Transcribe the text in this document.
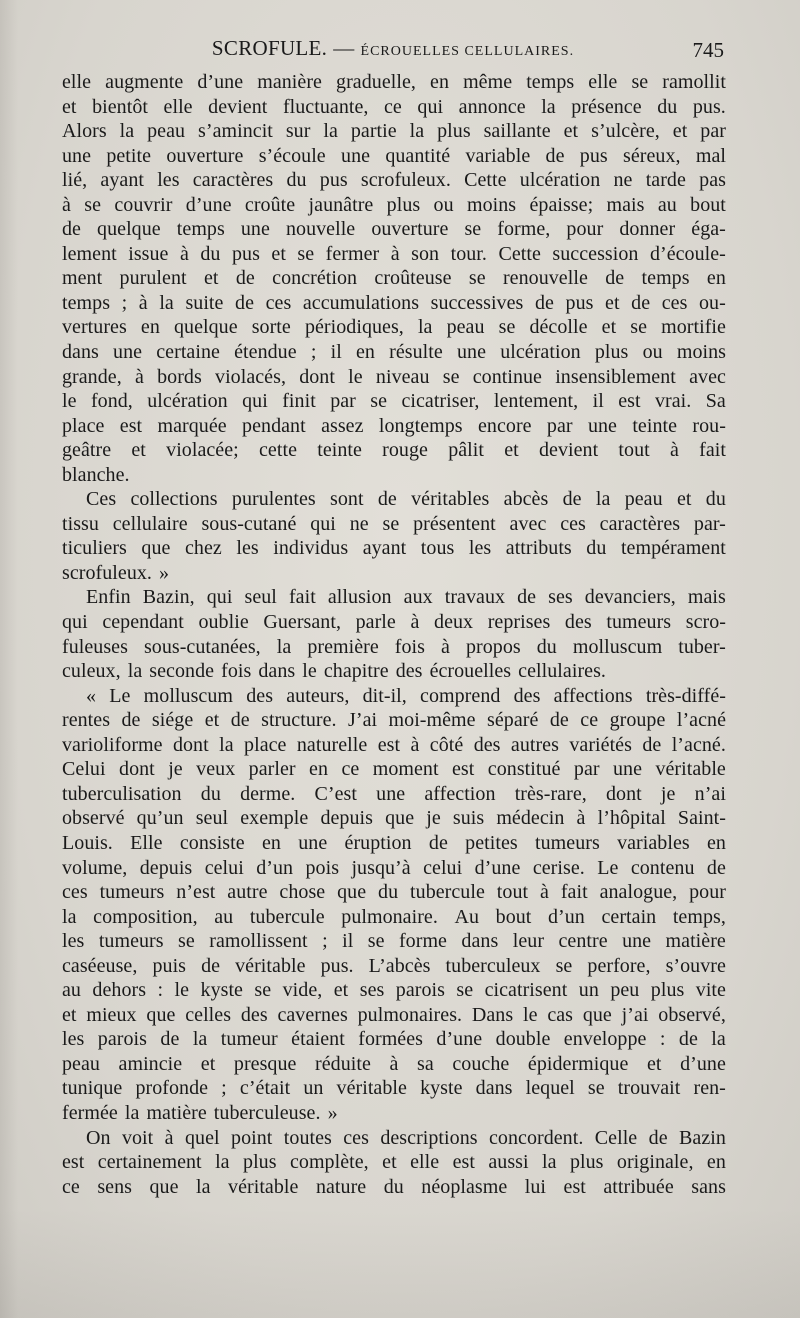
SCROFULE. — ÉCROUELLES CELLULAIRES.	745
elle augmente d’une manière graduelle, en même temps elle se ramollit
et bientôt elle devient fluctuante, ce qui annonce la présence du pus.
Alors la peau s’amincit sur la partie la plus saillante et s’ulcère, et par
une petite ouverture s’écoule une quantité variable de pus séreux, mal
lié, ayant les caractères du pus scrofuleux. Cette ulcération ne tarde pas
à se couvrir d’une croûte jaunâtre plus ou moins épaisse; mais au bout
de quelque temps une nouvelle ouverture se forme, pour donner éga-
lement issue à du pus et se fermer à son tour. Cette succession d’écoule-
ment purulent et de concrétion croûteuse se renouvelle de temps en
temps ; à la suite de ces accumulations successives de pus et de ces ou-
vertures en quelque sorte périodiques, la peau se décolle et se mortifie
dans une certaine étendue ; il en résulte une ulcération plus ou moins
grande, à bords violacés, dont le niveau se continue insensiblement avec
le fond, ulcération qui finit par se cicatriser, lentement, il est vrai. Sa
place est marquée pendant assez longtemps encore par une teinte rou-
geâtre et violacée; cette teinte rouge pâlit et devient tout à fait
blanche.
Ces collections purulentes sont de véritables abcès de la peau et du
tissu cellulaire sous-cutané qui ne se présentent avec ces caractères par-
ticuliers que chez les individus ayant tous les attributs du tempérament
scrofuleux. »
Enfin Bazin, qui seul fait allusion aux travaux de ses devanciers, mais
qui cependant oublie Guersant, parle à deux reprises des tumeurs scro-
fuleuses sous-cutanées, la première fois à propos du molluscum tuber-
culeux, la seconde fois dans le chapitre des écrouelles cellulaires.
« Le molluscum des auteurs, dit-il, comprend des affections très-diffé-
rentes de siége et de structure. J’ai moi-même séparé de ce groupe l’acné
varioliforme dont la place naturelle est à côté des autres variétés de l’acné.
Celui dont je veux parler en ce moment est constitué par une véritable
tuberculisation du derme. C’est une affection très-rare, dont je n’ai
observé qu’un seul exemple depuis que je suis médecin à l’hôpital Saint-
Louis. Elle consiste en une éruption de petites tumeurs variables en
volume, depuis celui d’un pois jusqu’à celui d’une cerise. Le contenu de
ces tumeurs n’est autre chose que du tubercule tout à fait analogue, pour
la composition, au tubercule pulmonaire. Au bout d’un certain temps,
les tumeurs se ramollissent ; il se forme dans leur centre une matière
caséeuse, puis de véritable pus. L’abcès tuberculeux se perfore, s’ouvre
au dehors : le kyste se vide, et ses parois se cicatrisent un peu plus vite
et mieux que celles des cavernes pulmonaires. Dans le cas que j’ai observé,
les parois de la tumeur étaient formées d’une double enveloppe : de la
peau amincie et presque réduite à sa couche épidermique et d’une
tunique profonde ; c’était un véritable kyste dans lequel se trouvait ren-
fermée la matière tuberculeuse. »
On voit à quel point toutes ces descriptions concordent. Celle de Bazin
est certainement la plus complète, et elle est aussi la plus originale, en
ce sens que la véritable nature du néoplasme lui est attribuée sans
